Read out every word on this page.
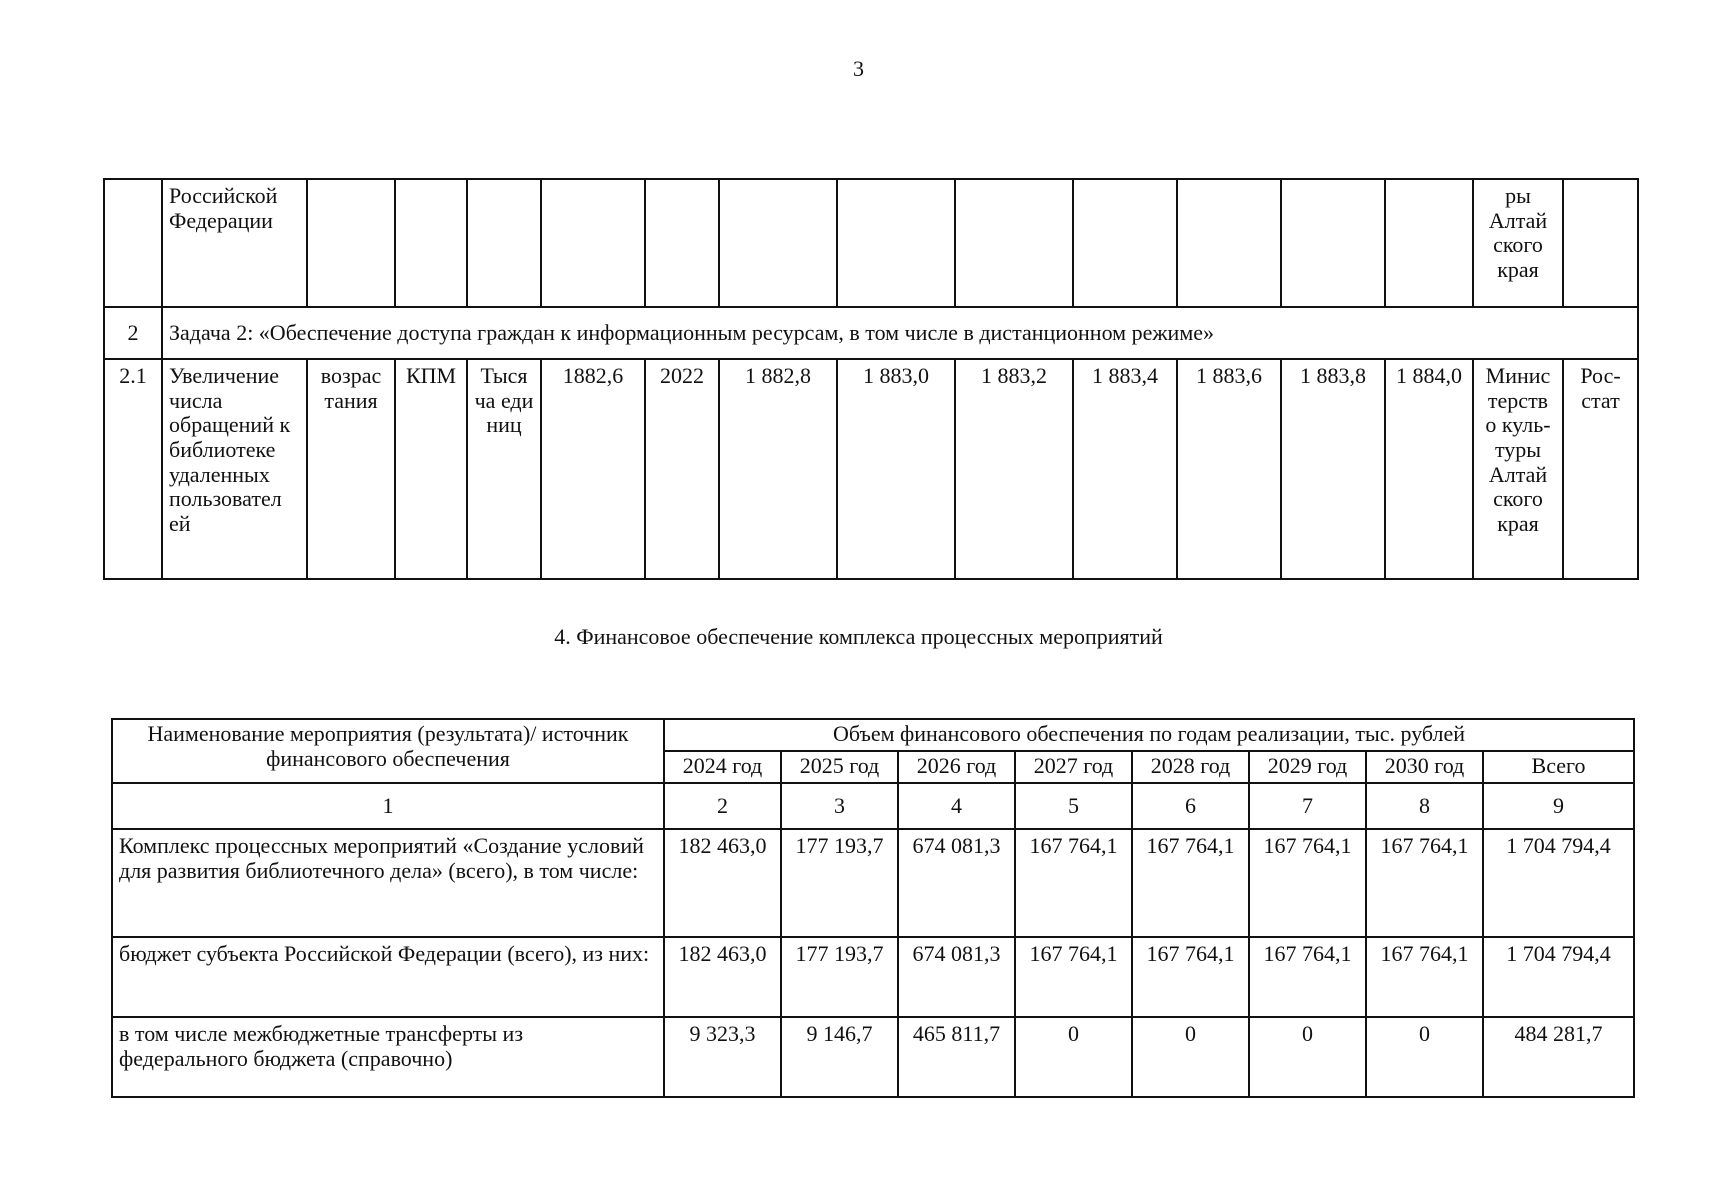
3
	Российской Федерации													ры Алтай ского края	
2	Задача 2: «Обеспечение доступа граждан к информационным ресурсам, в том числе в дистанционном режиме»														
2.1	Увеличение числа обращений к библиотеке удаленных пользовател ей	возрас тания	КПМ	Тыся ча еди ниц	1882,6	2022	1 882,8	1 883,0	1 883,2	1 883,4	1 883,6	1 883,8	1 884,0	Минис терств о куль- туры Алтай ского края	Рос- стат
4. Финансовое обеспечение комплекса процессных мероприятий
Наименование мероприятия (результата)/ источник финансового обеспечения	Объем финансового обеспечения по годам реализации, тыс. рублей							
	2024 год	2025 год	2026 год	2027 год	2028 год	2029 год	2030 год	Всего
1	2	3	4	5	6	7	8	9
Комплекс процессных мероприятий «Создание условий для развития библиотечного дела» (всего), в том числе:	182 463,0	177 193,7	674 081,3	167 764,1	167 764,1	167 764,1	167 764,1	1 704 794,4
бюджет субъекта Российской Федерации (всего), из них:	182 463,0	177 193,7	674 081,3	167 764,1	167 764,1	167 764,1	167 764,1	1 704 794,4
в том числе межбюджетные трансферты из федерального бюджета (справочно)	9 323,3	9 146,7	465 811,7	0	0	0	0	484 281,7
